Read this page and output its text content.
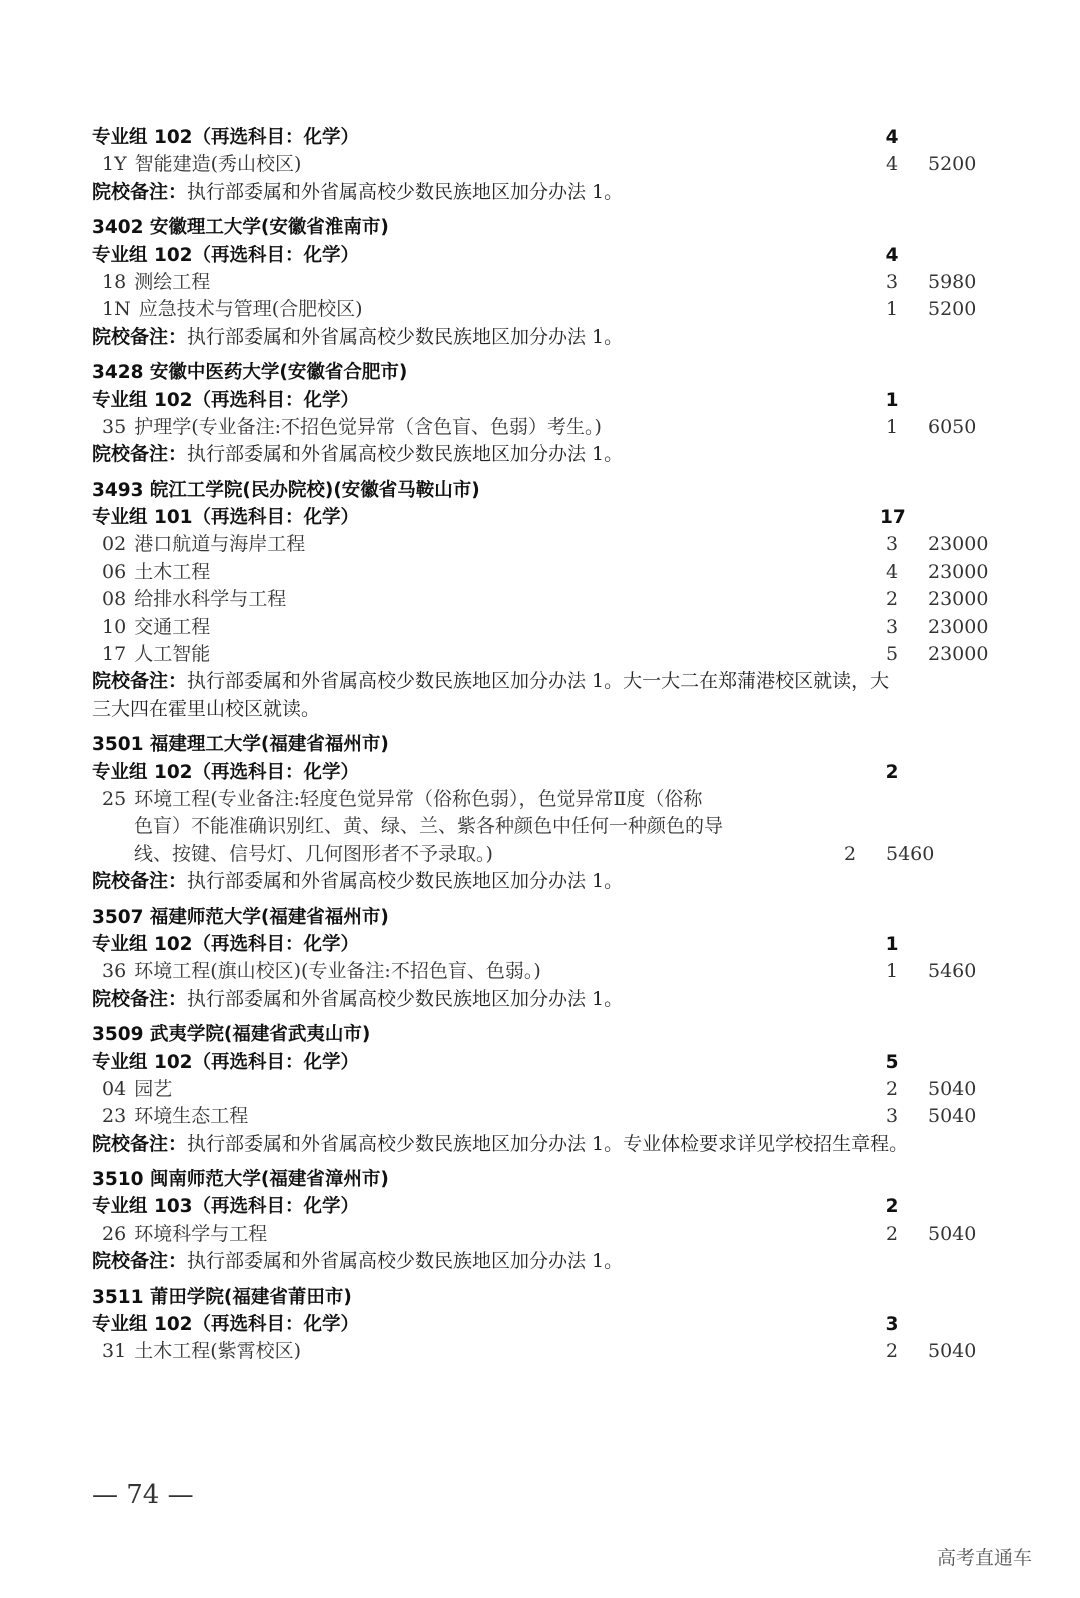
专业组 102（再选科目：化学）	4
1Y 智能建造(秀山校区)	4	5200
院校备注：执行部委属和外省属高校少数民族地区加分办法 1。
3402 安徽理工大学(安徽省淮南市)
专业组 102（再选科目：化学）	4
18 测绘工程	3	5980
1N 应急技术与管理(合肥校区)	1	5200
院校备注：执行部委属和外省属高校少数民族地区加分办法 1。
3428 安徽中医药大学(安徽省合肥市)
专业组 102（再选科目：化学）	1
35 护理学(专业备注:不招色觉异常（含色盲、色弱）考生。)	1	6050
院校备注：执行部委属和外省属高校少数民族地区加分办法 1。
3493 皖江工学院(民办院校)(安徽省马鞍山市)
专业组 101（再选科目：化学）	17
02 港口航道与海岸工程	3	23000
06 土木工程	4	23000
08 给排水科学与工程	2	23000
10 交通工程	3	23000
17 人工智能	5	23000
院校备注：执行部委属和外省属高校少数民族地区加分办法 1。大一大二在郑蒲港校区就读，大
三大四在霍里山校区就读。
3501 福建理工大学(福建省福州市)
专业组 102（再选科目：化学）	2
25 环境工程(专业备注:轻度色觉异常（俗称色弱），色觉异常Ⅱ度（俗称
色盲）不能准确识别红、黄、绿、兰、紫各种颜色中任何一种颜色的导
线、按键、信号灯、几何图形者不予录取。)	2	5460
院校备注：执行部委属和外省属高校少数民族地区加分办法 1。
3507 福建师范大学(福建省福州市)
专业组 102（再选科目：化学）	1
36 环境工程(旗山校区)(专业备注:不招色盲、色弱。)	1	5460
院校备注：执行部委属和外省属高校少数民族地区加分办法 1。
3509 武夷学院(福建省武夷山市)
专业组 102（再选科目：化学）	5
04 园艺	2	5040
23 环境生态工程	3	5040
院校备注：执行部委属和外省属高校少数民族地区加分办法 1。专业体检要求详见学校招生章程。
3510 闽南师范大学(福建省漳州市)
专业组 103（再选科目：化学）	2
26 环境科学与工程	2	5040
院校备注：执行部委属和外省属高校少数民族地区加分办法 1。
3511 莆田学院(福建省莆田市)
专业组 102（再选科目：化学）	3
31 土木工程(紫霄校区)	2	5040
— 74 —
高考直通车
